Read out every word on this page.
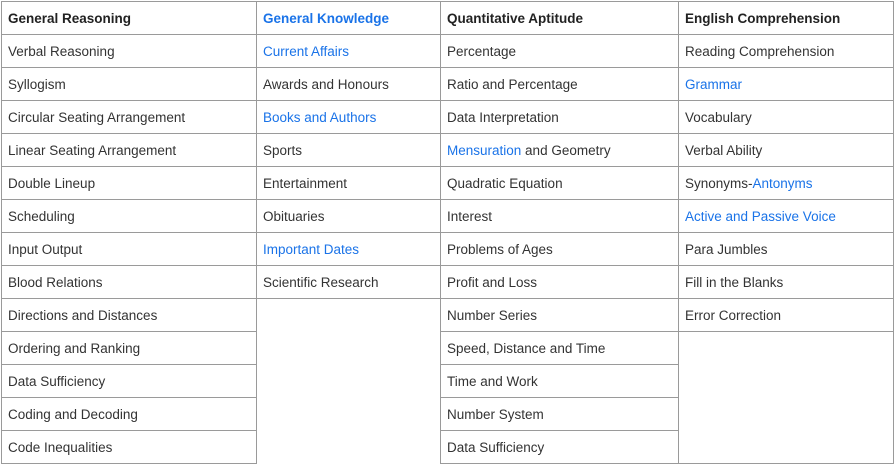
General Reasoning	General Knowledge	Quantitative Aptitude	English Comprehension
Verbal Reasoning	Current Affairs	Percentage	Reading Comprehension
Syllogism	Awards and Honours	Ratio and Percentage	Grammar
Circular Seating Arrangement	Books and Authors	Data Interpretation	Vocabulary
Linear Seating Arrangement	Sports	Mensuration and Geometry	Verbal Ability
Double Lineup	Entertainment	Quadratic Equation	Synonyms-Antonyms
Scheduling	Obituaries	Interest	Active and Passive Voice
Input Output	Important Dates	Problems of Ages	Para Jumbles
Blood Relations	Scientific Research	Profit and Loss	Fill in the Blanks
Directions and Distances		Number Series	Error Correction
Ordering and Ranking		Speed, Distance and Time	
Data Sufficiency		Time and Work	
Coding and Decoding		Number System	
Code Inequalities		Data Sufficiency	
